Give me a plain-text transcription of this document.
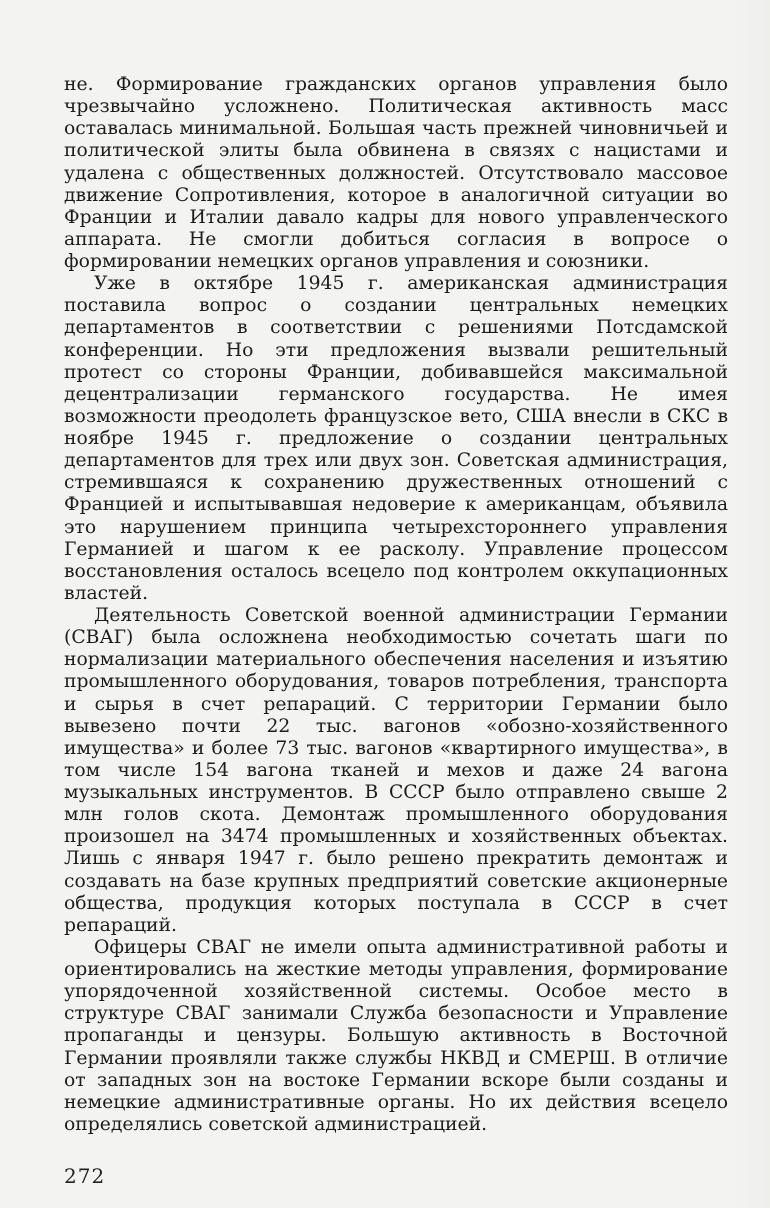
не. Формирование гражданских органов управления было чрезвычайно усложнено. Политическая активность масс оставалась минимальной. Большая часть прежней чиновничьей и политической элиты была обвинена в связях с нацистами и удалена с общественных должностей. Отсутствовало массовое движение Сопротивления, которое в аналогичной ситуации во Франции и Италии давало кадры для нового управленческого аппарата. Не смогли добиться согласия в вопросе о формировании немецких органов управления и союзники.

Уже в октябре 1945 г. американская администрация поставила вопрос о создании центральных немецких департаментов в соответствии с решениями Потсдамской конференции. Но эти предложения вызвали решительный протест со стороны Франции, добивавшейся максимальной децентрализации германского государства. Не имея возможности преодолеть французское вето, США внесли в СКС в ноябре 1945 г. предложение о создании центральных департаментов для трех или двух зон. Советская администрация, стремившаяся к сохранению дружественных отношений с Францией и испытывавшая недоверие к американцам, объявила это нарушением принципа четырехстороннего управления Германией и шагом к ее расколу. Управление процессом восстановления осталось всецело под контролем оккупационных властей.

Деятельность Советской военной администрации Германии (СВАГ) была осложнена необходимостью сочетать шаги по нормализации материального обеспечения населения и изъятию промышленного оборудования, товаров потребления, транспорта и сырья в счет репараций. С территории Германии было вывезено почти 22 тыс. вагонов «обозно-хозяйственного имущества» и более 73 тыс. вагонов «квартирного имущества», в том числе 154 вагона тканей и мехов и даже 24 вагона музыкальных инструментов. В СССР было отправлено свыше 2 млн голов скота. Демонтаж промышленного оборудования произошел на 3474 промышленных и хозяйственных объектах. Лишь с января 1947 г. было решено прекратить демонтаж и создавать на базе крупных предприятий советские акционерные общества, продукция которых поступала в СССР в счет репараций.

Офицеры СВАГ не имели опыта административной работы и ориентировались на жесткие методы управления, формирование упорядоченной хозяйственной системы. Особое место в структуре СВАГ занимали Служба безопасности и Управление пропаганды и цензуры. Большую активность в Восточной Германии проявляли также службы НКВД и СМЕРШ. В отличие от западных зон на востоке Германии вскоре были созданы и немецкие административные органы. Но их действия всецело определялись советской администрацией.

272
